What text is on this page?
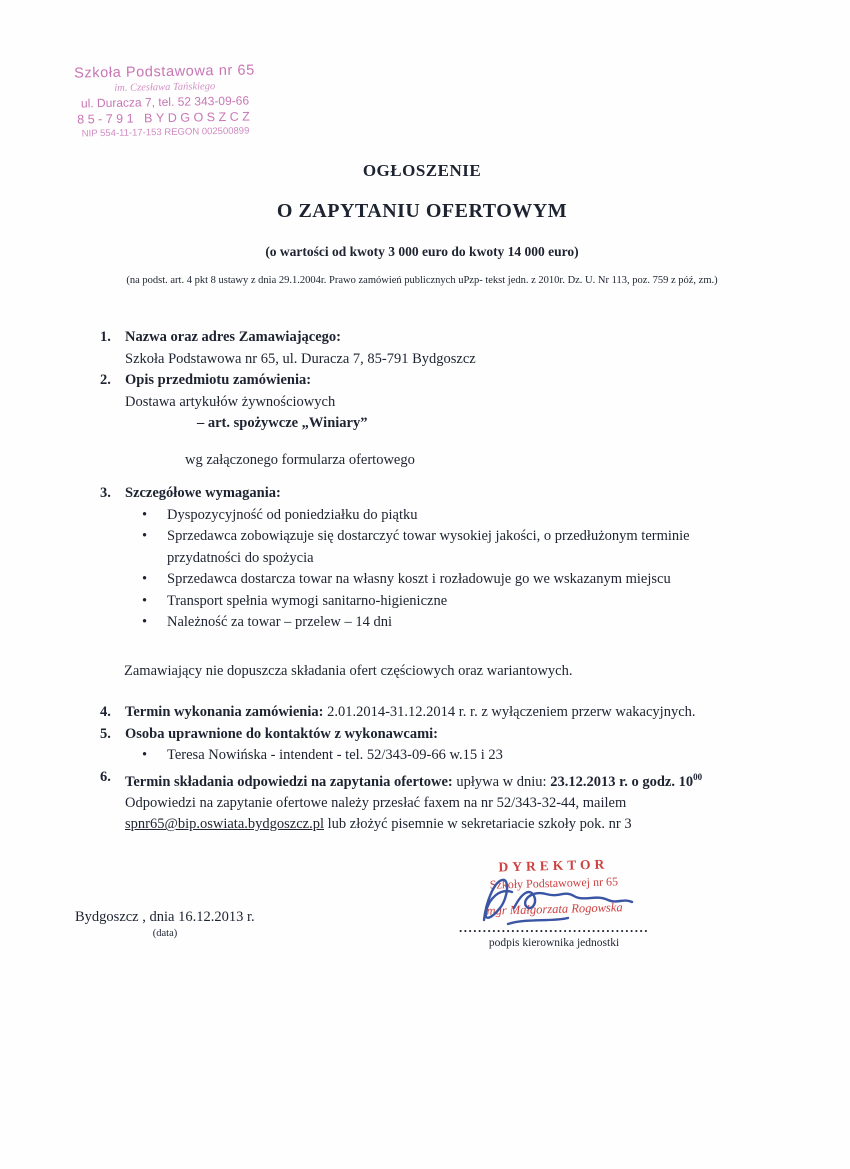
Szkoła Podstawowa nr 65
im. Czesława Tańskiego
ul. Duracza 7, tel. 52 343-09-66
85-791 BYDGOSZCZ
NIP 554-11-17-153 REGON 002500899
OGŁOSZENIE
O ZAPYTANIU OFERTOWYM
(o wartości od kwoty 3 000 euro do kwoty 14 000 euro)
(na podst. art. 4 pkt 8 ustawy z dnia 29.1.2004r. Prawo zamówień publicznych uPzp- tekst jedn. z 2010r. Dz. U. Nr 113, poz. 759 z póź, zm.)
1. Nazwa oraz adres Zamawiającego:
Szkoła Podstawowa nr 65, ul. Duracza 7, 85-791 Bydgoszcz
2. Opis przedmiotu zamówienia:
Dostawa artykułów żywnościowych
– art. spożywcze „Winiary”
wg załączonego formularza ofertowego
3. Szczegółowe wymagania:
•	Dyspozycyjność od poniedziałku do piątku
•	Sprzedawca zobowiązuje się dostarczyć towar wysokiej jakości, o przedłużonym terminie przydatności do spożycia
•	Sprzedawca dostarcza towar na własny koszt i rozładowuje go we wskazanym miejscu
•	Transport spełnia wymogi sanitarno-higieniczne
•	Należność za towar – przelew – 14 dni
Zamawiający nie dopuszcza składania ofert częściowych oraz wariantowych.
4. Termin wykonania zamówienia: 2.01.2014-31.12.2014 r. r. z wyłączeniem przerw wakacyjnych.
5. Osoba uprawnione do kontaktów z wykonawcami:
•	Teresa Nowińska - intendent - tel. 52/343-09-66 w.15 i 23
6. Termin składania odpowiedzi na zapytania ofertowe: upływa w dniu: 23.12.2013 r. o godz. $10^{00}$
Odpowiedzi na zapytanie ofertowe należy przesłać faxem na nr 52/343-32-44, mailem
spnr65@bip.oswiata.bydgoszcz.pl lub złożyć pisemnie w sekretariacie szkoły pok. nr 3
Bydgoszcz , dnia 16.12.2013 r.
(data)
DYREKTOR
Szkoły Podstawowej nr 65
mgr Małgorzata Rogowska
........................................
podpis kierownika jednostki
